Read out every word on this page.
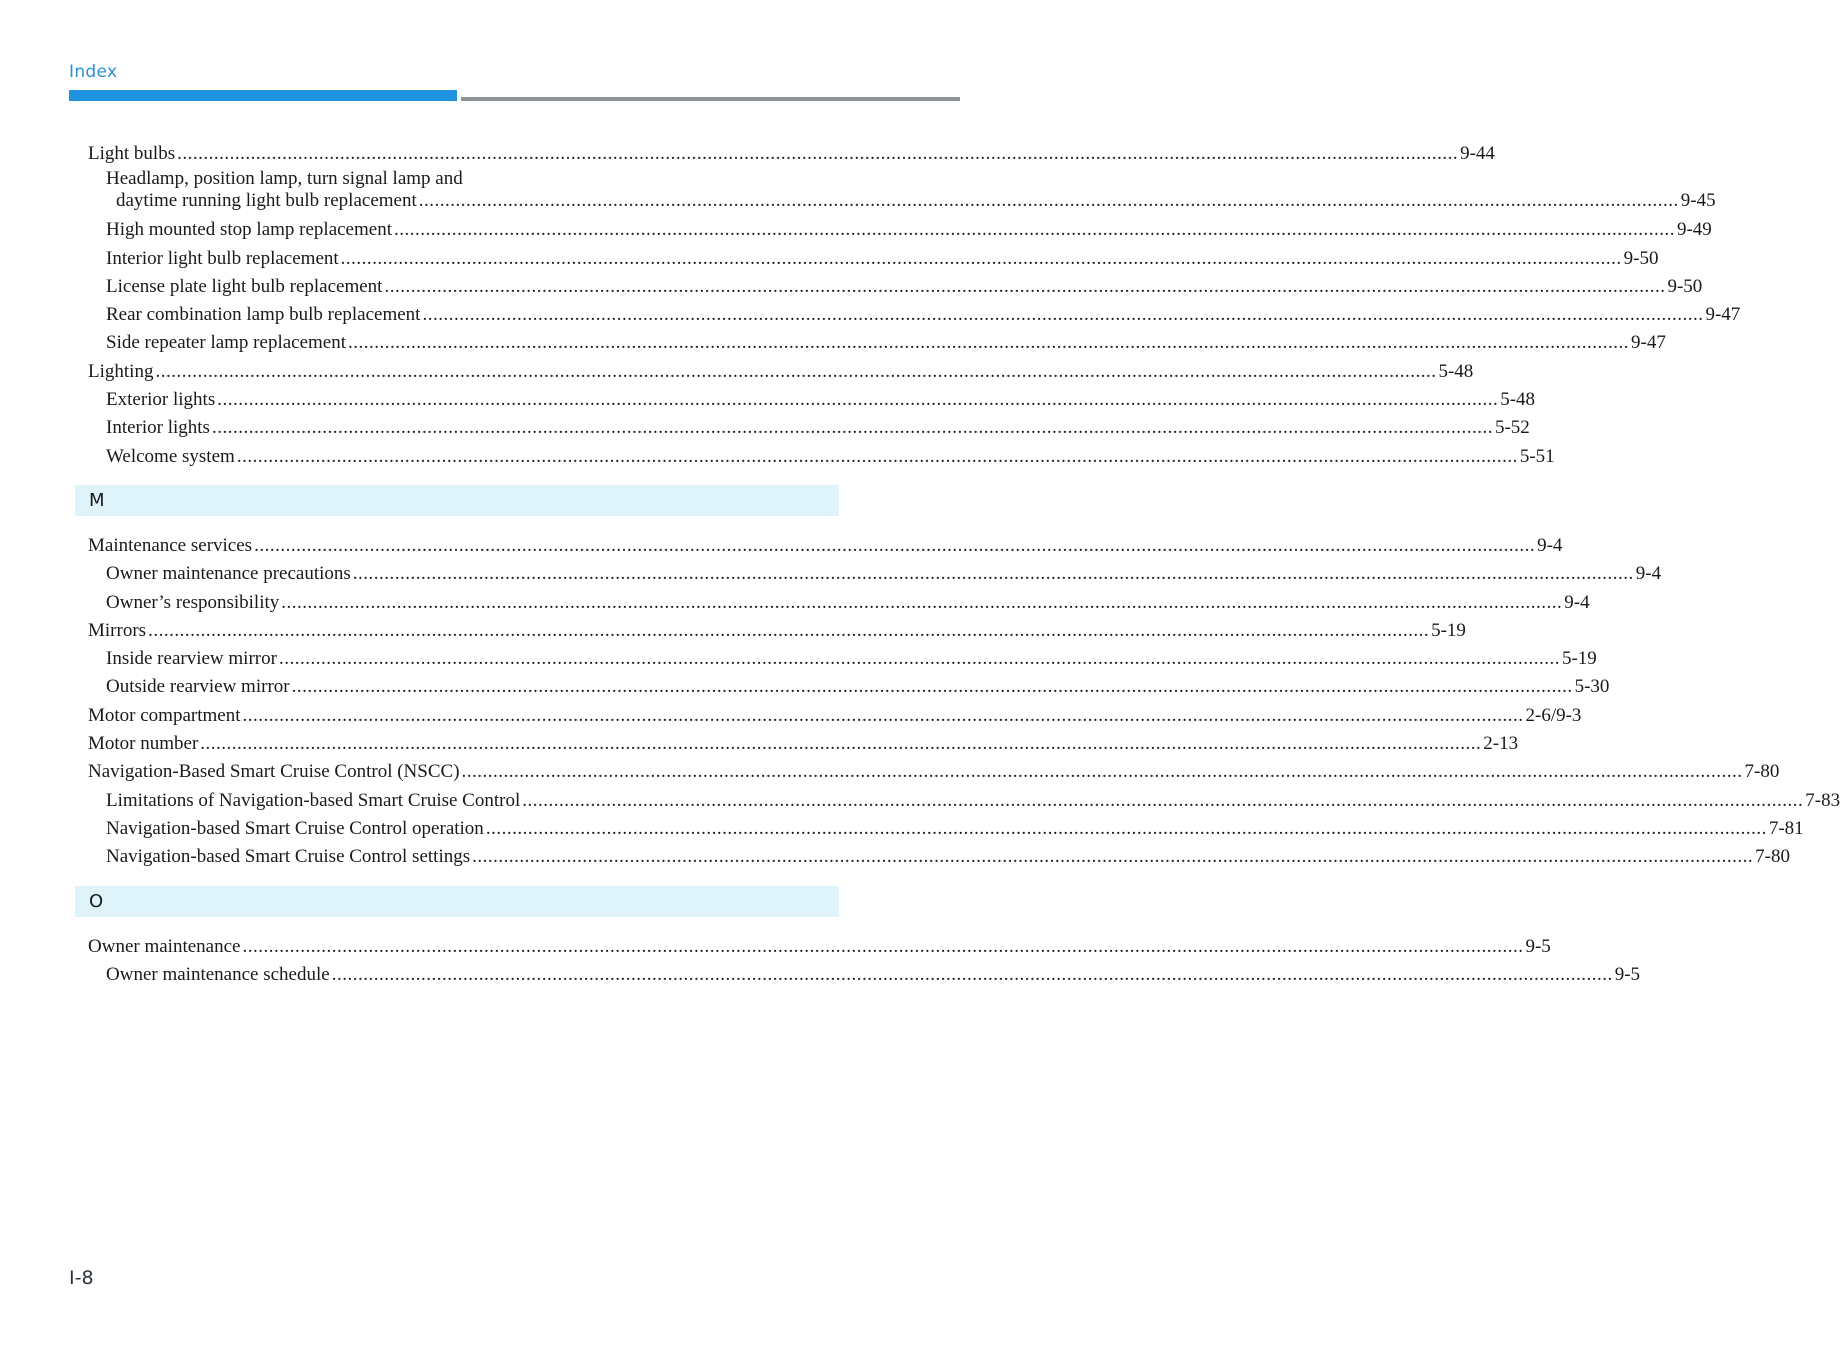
Index
Light bulbs .....	9-44
Headlamp, position lamp, turn signal lamp and
daytime running light bulb replacement ................................................................................................................................................................................................................................................ 9-45
High mounted stop lamp replacement .....	9-49
Interior light bulb replacement .....	9-50
License plate light bulb replacement .....	9-50
Rear combination lamp bulb replacement .....	9-47
Side repeater lamp replacement .....	9-47
Lighting .....	5-48
Exterior lights .....	5-48
Interior lights .....	5-52
Welcome system .....	5-51
M
Maintenance services .....	9-4
Owner maintenance precautions .....	9-4
Owner’s responsibility .....	9-4
Mirrors .....	5-19
Inside rearview mirror .....	5-19
Outside rearview mirror .....	5-30
Motor compartment .....	2-6/9-3
Motor number .....	2-13
Navigation-Based Smart Cruise Control (NSCC) .....	7-80
Limitations of Navigation-based Smart Cruise Control .....	7-83
Navigation-based Smart Cruise Control operation .....	7-81
Navigation-based Smart Cruise Control settings .....	7-80
O
Owner maintenance .....	9-5
Owner maintenance schedule .....	9-5
I-8
